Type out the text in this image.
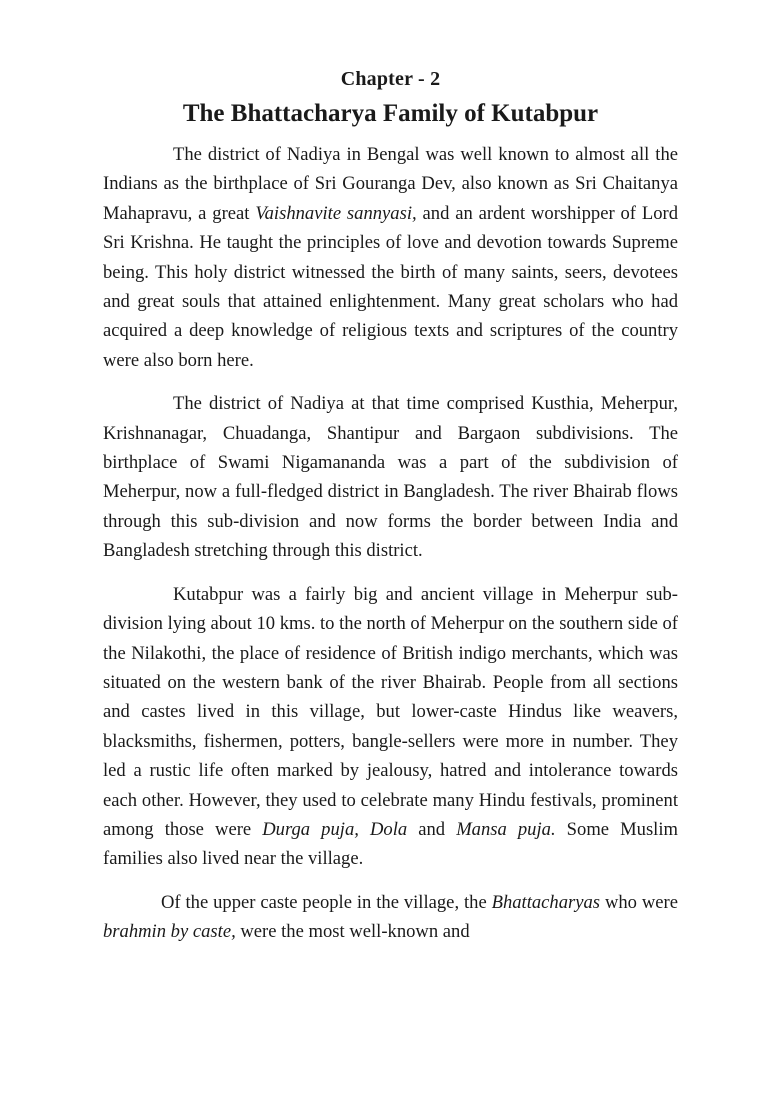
Chapter - 2
The Bhattacharya Family of Kutabpur

The district of Nadiya in Bengal was well known to almost all the Indians as the birthplace of Sri Gouranga Dev, also known as Sri Chaitanya Mahapravu, a great Vaishnavite sannyasi, and an ardent worshipper of Lord Sri Krishna. He taught the principles of love and devotion towards Supreme being. This holy district witnessed the birth of many saints, seers, devotees and great souls that attained enlightenment. Many great scholars who had acquired a deep knowledge of religious texts and scriptures of the country were also born here.

The district of Nadiya at that time comprised Kusthia, Meherpur, Krishnanagar, Chuadanga, Shantipur and Bargaon subdivisions. The birthplace of Swami Nigamananda was a part of the subdivision of Meherpur, now a full-fledged district in Bangladesh. The river Bhairab flows through this sub-division and now forms the border between India and Bangladesh stretching through this district.

Kutabpur was a fairly big and ancient village in Meherpur sub-division lying about 10 kms. to the north of Meherpur on the southern side of the Nilakothi, the place of residence of British indigo merchants, which was situated on the western bank of the river Bhairab. People from all sections and castes lived in this village, but lower-caste Hindus like weavers, blacksmiths, fishermen, potters, bangle-sellers were more in number. They led a rustic life often marked by jealousy, hatred and intolerance towards each other. However, they used to celebrate many Hindu festivals, prominent among those were Durga puja, Dola and Mansa puja. Some Muslim families also lived near the village.

Of the upper caste people in the village, the Bhattacharyas who were brahmin by caste, were the most well-known and
